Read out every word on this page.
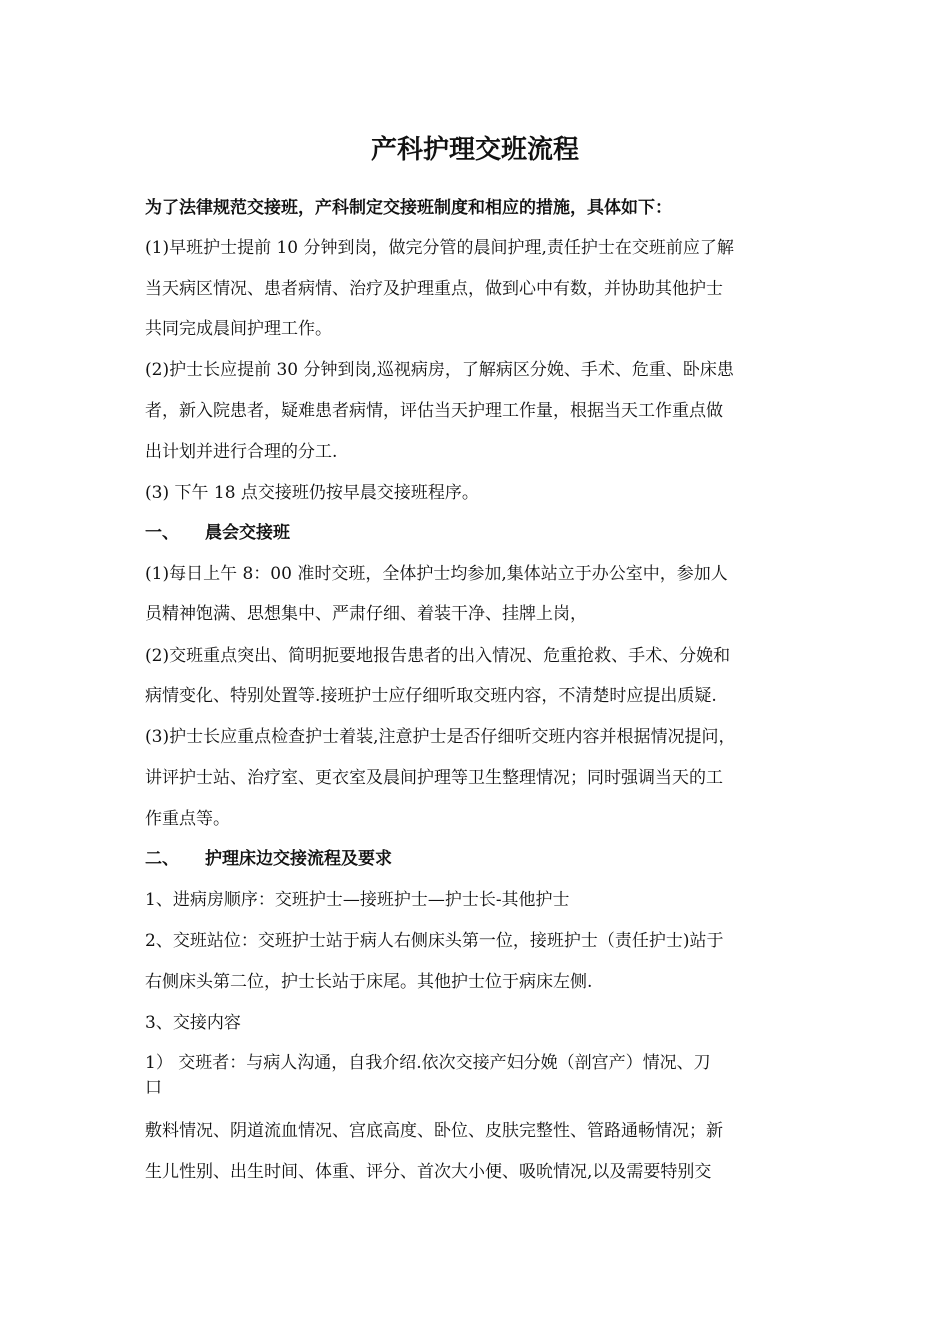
产科护理交班流程
为了法律规范交接班，产科制定交接班制度和相应的措施，具体如下：
(1)早班护士提前 10 分钟到岗，做完分管的晨间护理,责任护士在交班前应了解
当天病区情况、患者病情、治疗及护理重点，做到心中有数，并协助其他护士
共同完成晨间护理工作。
(2)护士长应提前 30 分钟到岗,巡视病房，了解病区分娩、手术、危重、卧床患
者，新入院患者，疑难患者病情，评估当天护理工作量，根据当天工作重点做
出计划并进行合理的分工.
(3) 下午 18 点交接班仍按早晨交接班程序。
一、 晨会交接班
(1)每日上午 8：00 准时交班，全体护士均参加,集体站立于办公室中，参加人
员精神饱满、思想集中、严肃仔细、着装干净、挂牌上岗，
(2)交班重点突出、简明扼要地报告患者的出入情况、危重抢救、手术、分娩和
病情变化、特别处置等.接班护士应仔细听取交班内容，不清楚时应提出质疑.
(3)护士长应重点检查护士着装,注意护士是否仔细听交班内容并根据情况提问，
讲评护士站、治疗室、更衣室及晨间护理等卫生整理情况；同时强调当天的工
作重点等。
二、 护理床边交接流程及要求
1、进病房顺序：交班护士—接班护士—护士长-其他护士
2、交班站位：交班护士站于病人右侧床头第一位，接班护士（责任护士)站于
右侧床头第二位，护士长站于床尾。其他护士位于病床左侧.
3、交接内容
1） 交班者：与病人沟通，自我介绍.依次交接产妇分娩（剖宫产）情况、刀
口
敷料情况、阴道流血情况、宫底高度、卧位、皮肤完整性、管路通畅情况；新
生儿性别、出生时间、体重、评分、首次大小便、吸吮情况,以及需要特别交
